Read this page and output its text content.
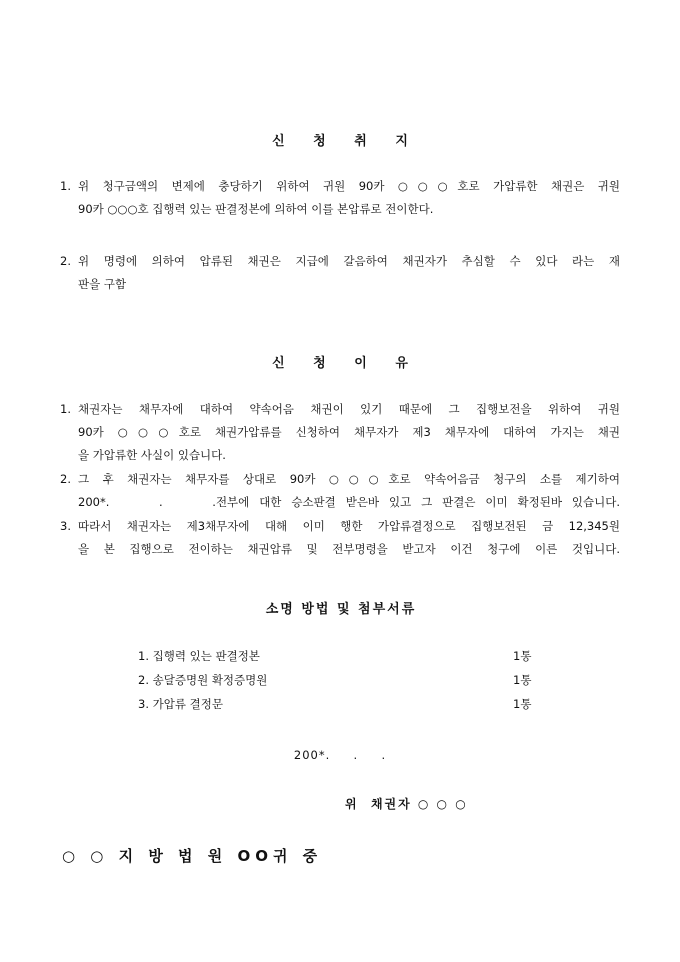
신 청 취 지
1. 위 청구금액의 변제에 충당하기 위하여 귀원 90카 ○○○호로 가압류한 채권은 귀원
90카 ○○○호 집행력 있는 판결정본에 의하여 이를 본압류로 전이한다.
2. 위 명령에 의하여 압류된 채권은 지급에 갈음하여 채권자가 추심할 수 있다 라는 재
판을 구함
신 청 이 유
1. 채권자는 채무자에 대하여 약속어음 채권이 있기 때문에 그 집행보전을 위하여 귀원
90카 ○○○호로 채권가압류를 신청하여 채무자가 제3 채무자에 대하여 가지는 채권
을 가압류한 사실이 있습니다.
2. 그 후 채권자는 채무자를 상대로 90카 ○○○호로 약속어음금 청구의 소를 제기하여
200*.     .     .전부에 대한 승소판결 받은바 있고 그 판결은 이미 확정된바 있습니다.
3. 따라서 채권자는 제3채무자에 대해 이미 행한 가압류결정으로 집행보전된 금 12,345원
을 본 집행으로 전이하는 채권압류 및 전부명령을 받고자 이건 청구에 이른 것입니다.
소명 방법 및 첨부서류
1. 집행력 있는 판결정본	1통
2. 송달증명원 확정증명원	1통
3. 가압류 결정문	1통
200*.     .     .
위  채권자 ○ ○ ○
○ ○ 지 방 법 원 OO귀 중
